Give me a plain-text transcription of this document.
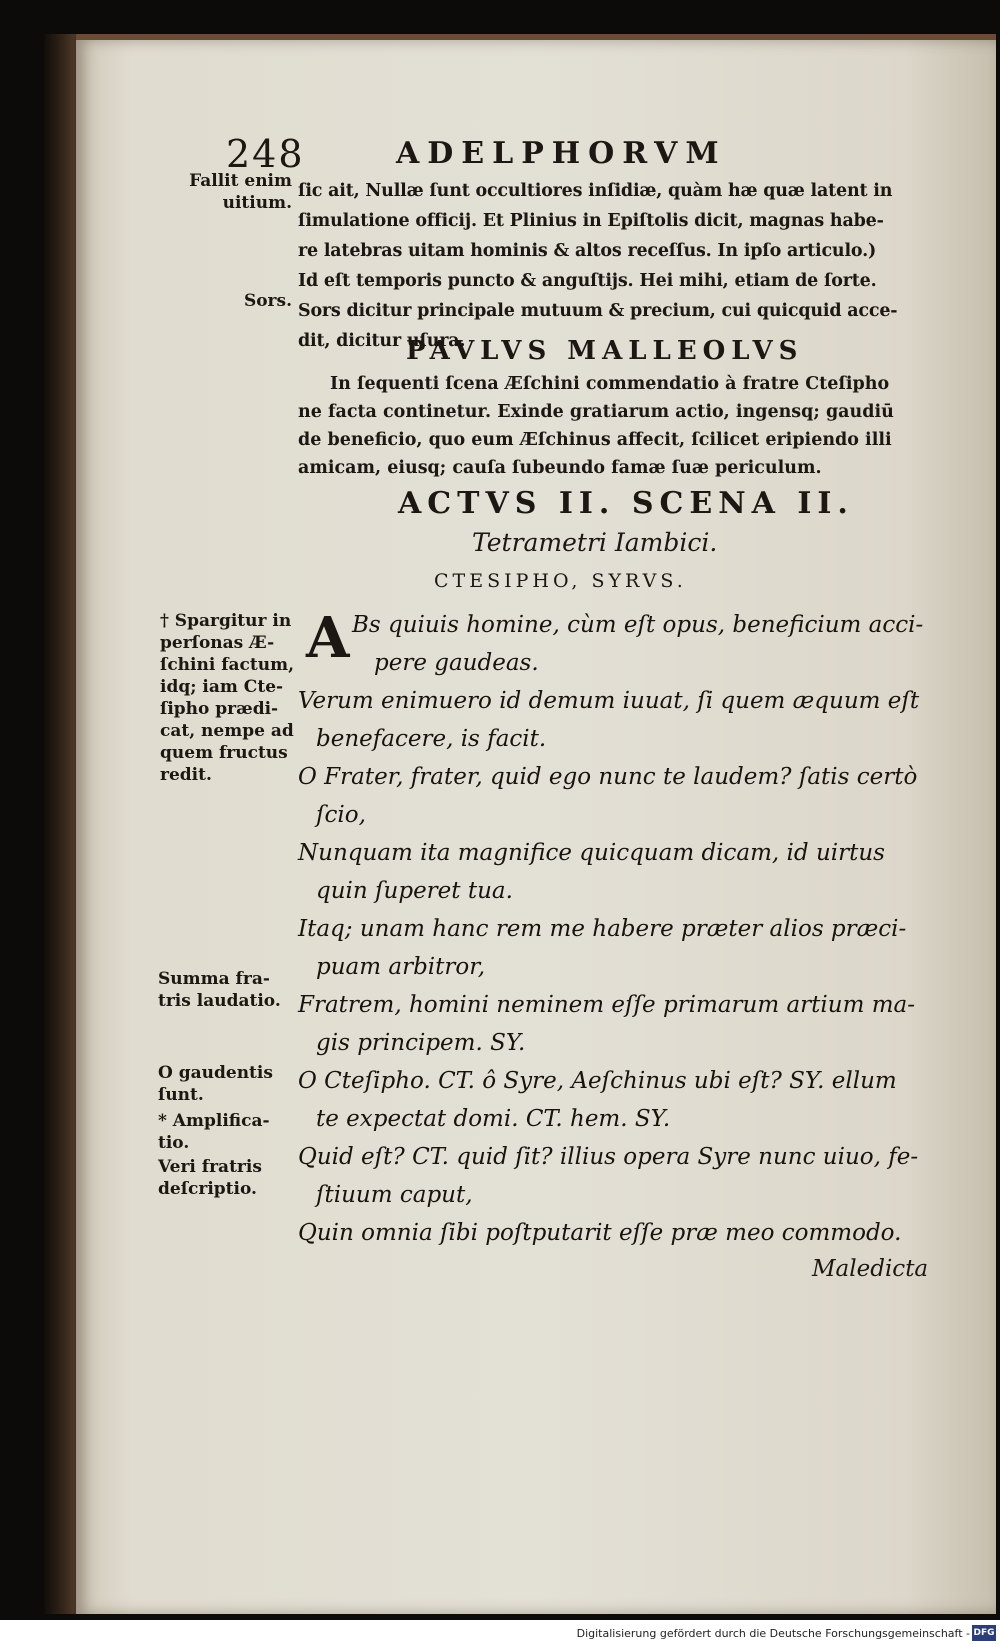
248	ADELPHORVM
Fallit enim
uitium.
Sors.
ſic ait, Nullæ ſunt occultiores inſidiæ, quàm hæ quæ latent in
ſimulatione officij. Et Plinius in Epiſtolis dicit, magnas habe-
re latebras uitam hominis & altos receſſus. In ipſo articulo.)
Id eſt temporis puncto & anguſtijs. Hei mihi, etiam de ſorte.
Sors dicitur principale mutuum & precium, cui quicquid acce-
dit, dicitur uſura.
PAVLVS MALLEOLVS
In ſequenti ſcena Æſchini commendatio à fratre Cteſipho
ne facta continetur. Exinde gratiarum actio, ingensq; gaudiū
de beneficio, quo eum Æſchinus affecit, ſcilicet eripiendo illi
amicam, eiusq; cauſa ſubeundo famæ ſuæ periculum.
ACTVS II. SCENA II.
Tetrametri Iambici.
CTESIPHO, SYRVS.
† Spargitur in
perſonas Æ-
ſchini factum,
idq; iam Cte-
ſipho prædi-
cat, nempe ad
quem fructus
redit.
Summa fra-
tris laudatio.
O gaudentis
ſunt.
* Amplifica-
tio.
Veri fratris
deſcriptio.
A Bs quiuis homine, cùm eſt opus, beneficium acci-
pere gaudeas.
Verum enimuero id demum iuuat, ſi quem æquum eſt
benefacere, is facit.
O Frater, frater, quid ego nunc te laudem? ſatis certò
ſcio,
Nunquam ita magnifice quicquam dicam, id uirtus
quin ſuperet tua.
Itaq; unam hanc rem me habere præter alios præci-
puam arbitror,
Fratrem, homini neminem eſſe primarum artium ma-
gis principem. SY.
O Cteſipho. CT. ô Syre, Aeſchinus ubi eſt? SY. ellum
te expectat domi. CT. hem. SY.
Quid eſt? CT. quid ſit? illius opera Syre nunc uiuo, fe-
ſtiuum caput,
Quin omnia ſibi poſtputarit eſſe præ meo commodo.
Maledicta
Digitalisierung gefördert durch die Deutsche Forschungsgemeinschaft - DFG
